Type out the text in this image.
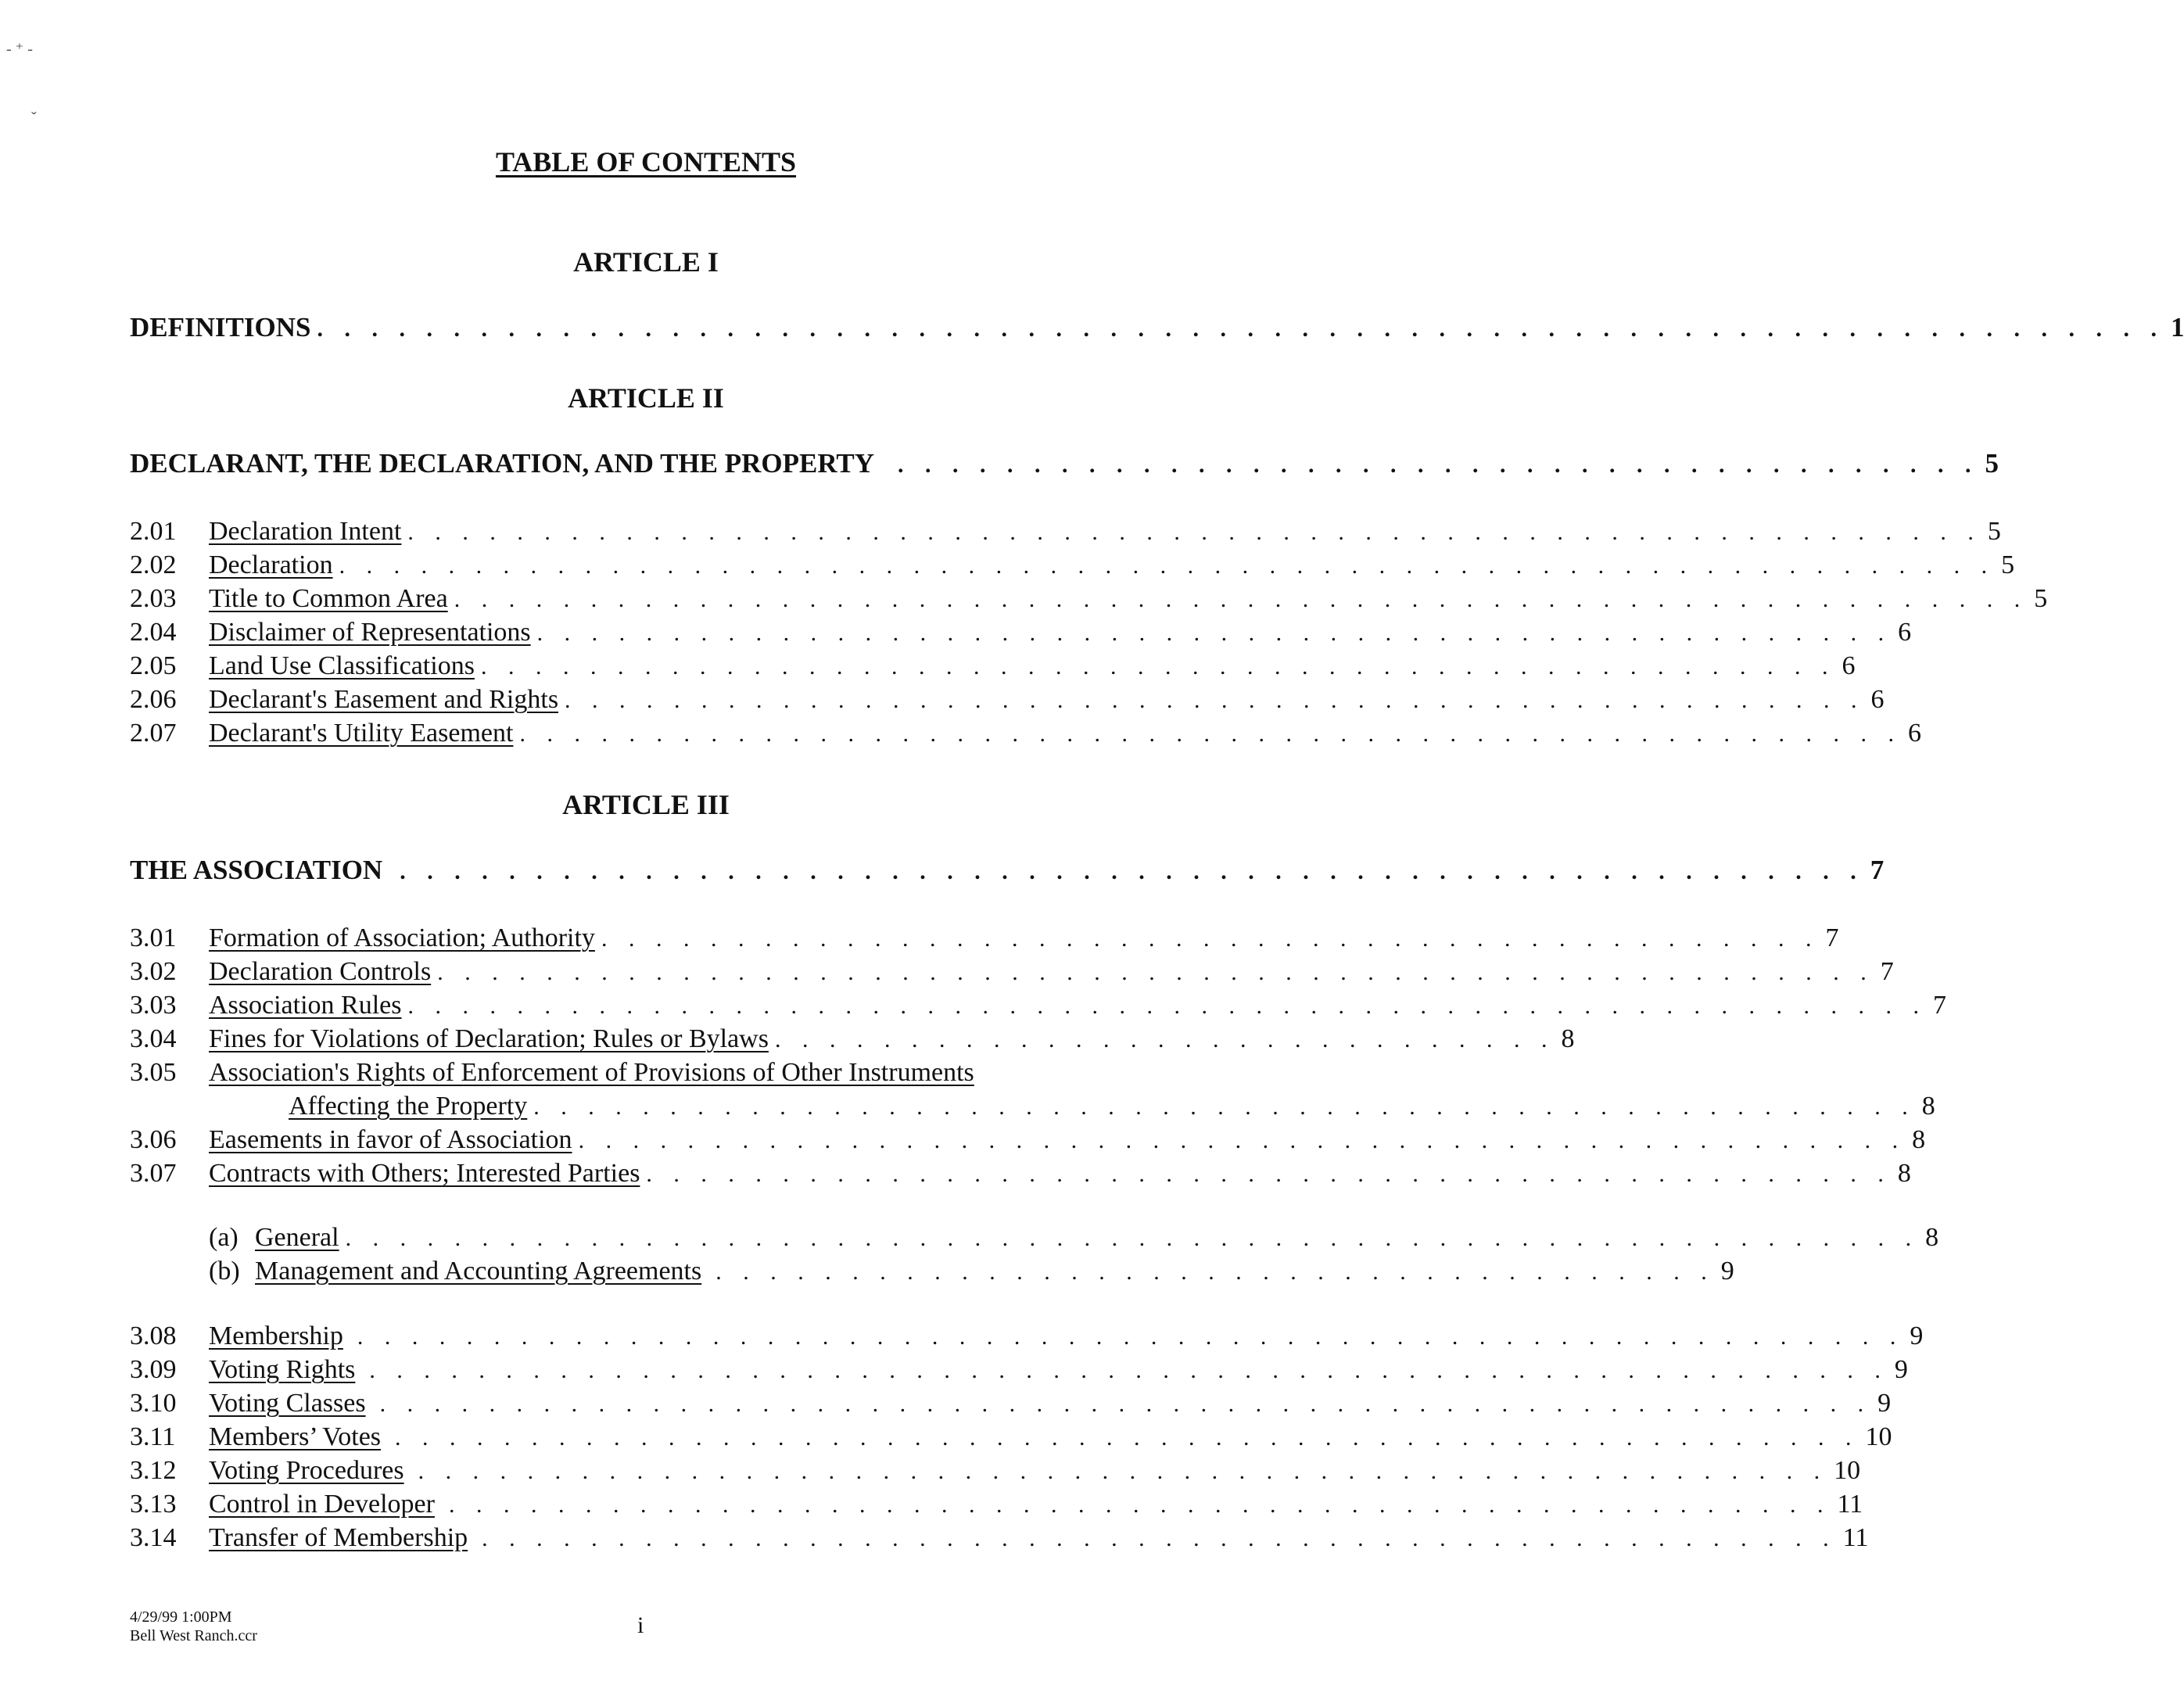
- ⁺ -
ˇ
TABLE OF CONTENTS
ARTICLE I
DEFINITIONS . . . . . . . . . . . . . . . . . . . . . . . . . . . . . . . . . . . . . . . . . . . . . . . . . . . . . . . . . . . . . . . . . . . . 1
ARTICLE II
DECLARANT, THE DECLARATION, AND THE PROPERTY	. . . . . . . . . . . . . . . . . . . . . . . . . . . . . . . . . . . . . . . . 5
2.01 Declaration Intent . . . . . . . . . . . . . . . . . . . . . . . . . . . . . . . . . . . . . . . . . . . . . . . . . . . . . . . . . . 5
2.02 Declaration . . . . . . . . . . . . . . . . . . . . . . . . . . . . . . . . . . . . . . . . . . . . . . . . . . . . . . . . . . . . . 5
2.03 Title to Common Area . . . . . . . . . . . . . . . . . . . . . . . . . . . . . . . . . . . . . . . . . . . . . . . . . . . . . . . . . . 5
2.04 Disclaimer of Representations . . . . . . . . . . . . . . . . . . . . . . . . . . . . . . . . . . . . . . . . . . . . . . . . . . 6
2.05 Land Use Classifications . . . . . . . . . . . . . . . . . . . . . . . . . . . . . . . . . . . . . . . . . . . . . . . . . . 6
2.06 Declarant's Easement and Rights . . . . . . . . . . . . . . . . . . . . . . . . . . . . . . . . . . . . . . . . . . . . . . . . 6
2.07 Declarant's Utility Easement . . . . . . . . . . . . . . . . . . . . . . . . . . . . . . . . . . . . . . . . . . . . . . . . . . . 6
ARTICLE III
THE ASSOCIATION . . . . . . . . . . . . . . . . . . . . . . . . . . . . . . . . . . . . . . . . . . . . . . . . . . . . . . 7
3.01 Formation of Association; Authority . . . . . . . . . . . . . . . . . . . . . . . . . . . . . . . . . . . . . . . . . . . . . 7
3.02 Declaration Controls . . . . . . . . . . . . . . . . . . . . . . . . . . . . . . . . . . . . . . . . . . . . . . . . . . . . . 7
3.03 Association Rules . . . . . . . . . . . . . . . . . . . . . . . . . . . . . . . . . . . . . . . . . . . . . . . . . . . . . . . . 7
3.04 Fines for Violations of Declaration; Rules or Bylaws . . . . . . . . . . . . . . . . . . . . . . . . . . . . . 8
3.05 Association's Rights of Enforcement of Provisions of Other Instruments
Affecting the Property . . . . . . . . . . . . . . . . . . . . . . . . . . . . . . . . . . . . . . . . . . . . . . . . . . . 8
3.06 Easements in favor of Association . . . . . . . . . . . . . . . . . . . . . . . . . . . . . . . . . . . . . . . . . . . . . . . . . 8
3.07 Contracts with Others; Interested Parties . . . . . . . . . . . . . . . . . . . . . . . . . . . . . . . . . . . . . . . . . . . . . . 8
(a) General . . . . . . . . . . . . . . . . . . . . . . . . . . . . . . . . . . . . . . . . . . . . . . . . . . . . . . . . . . 8
(b) Management and Accounting Agreements . . . . . . . . . . . . . . . . . . . . . . . . . . . . . . . . . . . . . 9
3.08 Membership . . . . . . . . . . . . . . . . . . . . . . . . . . . . . . . . . . . . . . . . . . . . . . . . . . . . . . . . . 9
3.09 Voting Rights . . . . . . . . . . . . . . . . . . . . . . . . . . . . . . . . . . . . . . . . . . . . . . . . . . . . . . . . 9
3.10 Voting Classes . . . . . . . . . . . . . . . . . . . . . . . . . . . . . . . . . . . . . . . . . . . . . . . . . . . . . . . 9
3.11 Members’ Votes . . . . . . . . . . . . . . . . . . . . . . . . . . . . . . . . . . . . . . . . . . . . . . . . . . . . . . 10
3.12 Voting Procedures . . . . . . . . . . . . . . . . . . . . . . . . . . . . . . . . . . . . . . . . . . . . . . . . . . . . 10
3.13 Control in Developer . . . . . . . . . . . . . . . . . . . . . . . . . . . . . . . . . . . . . . . . . . . . . . . . . . . 11
3.14 Transfer of Membership . . . . . . . . . . . . . . . . . . . . . . . . . . . . . . . . . . . . . . . . . . . . . . . . . . 11
4/29/99 1:00PM
Bell West Ranch.ccr	i
